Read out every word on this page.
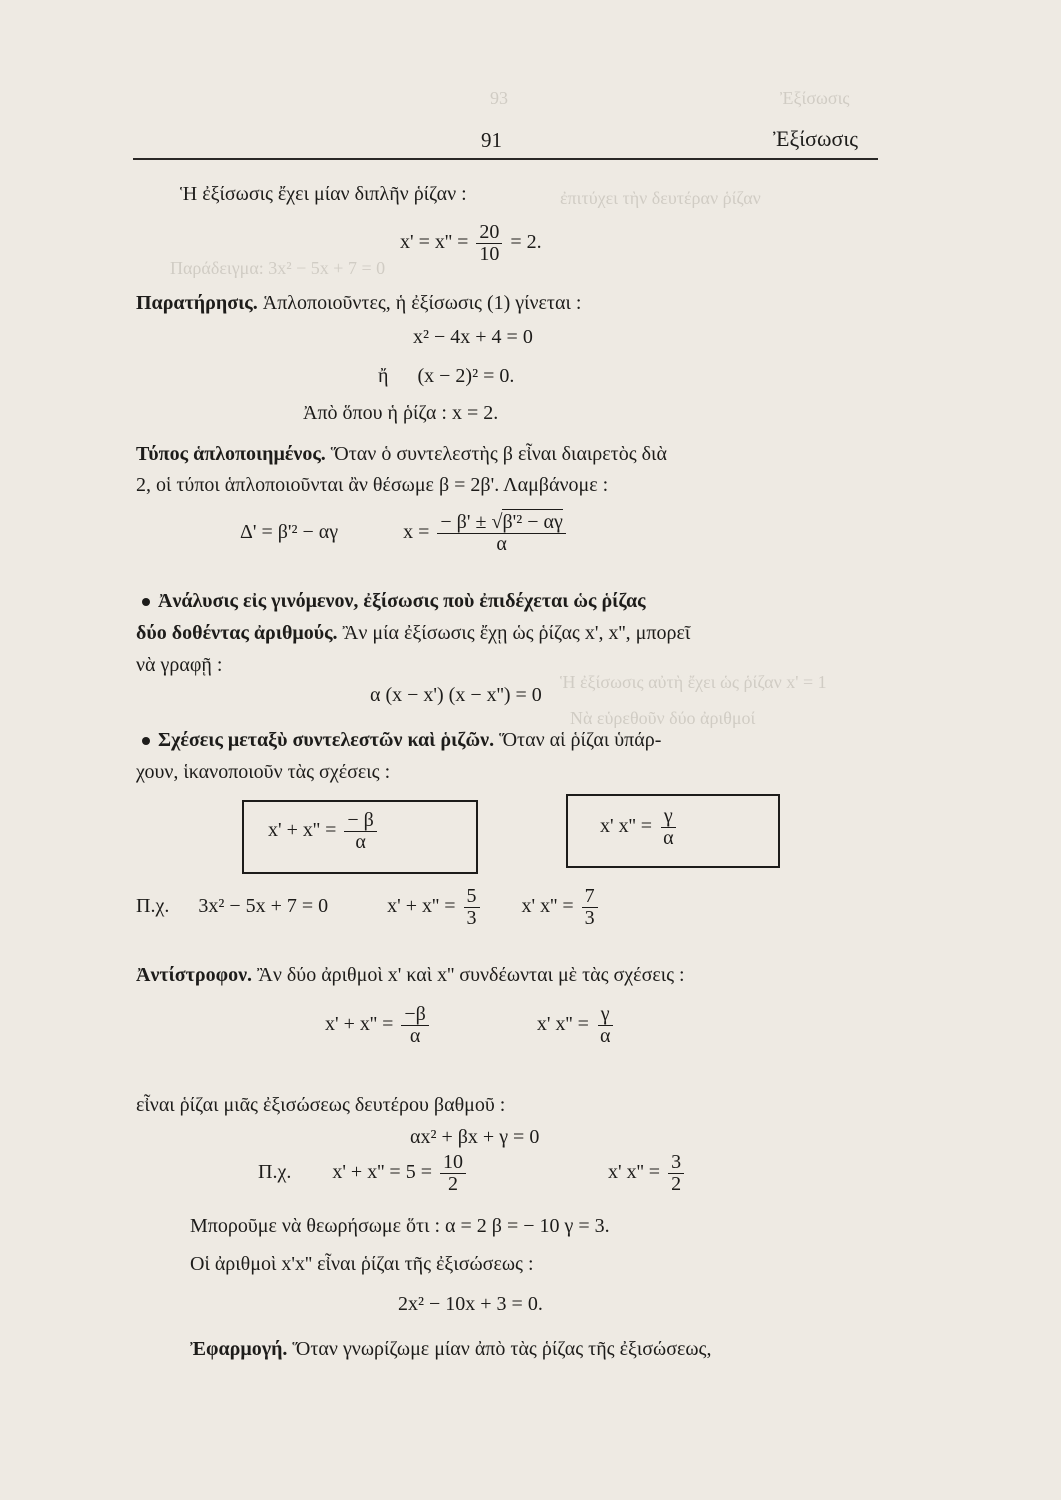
93	Ἐξίσωσις
ἐπιτύχει τὴν δευτέραν ῥίζαν
Παράδειγμα: 3x² − 5x + 7 = 0
Ἡ ἐξίσωσις αὐτὴ ἔχει ὡς ῥίζαν x' = 1
Νὰ εὑρεθοῦν δύο ἀριθμοί
91	Ἐξίσωσις
Ἡ ἐξίσωσις ἔχει μίαν διπλῆν ῥίζαν :
$x' = x'' = \frac{20}{10} = 2$.
Παρατήρησις. Ἁπλοποιοῦντες, ἡ ἐξίσωσις (1) γίνεται :
x² − 4x + 4 = 0
ἤ (x − 2)² = 0.
Ἀπὸ ὅπου ἡ ῥίζα : x = 2.
Τύπος ἁπλοποιημένος. Ὅταν ὁ συντελεστὴς β εἶναι διαιρετὸς διὰ
2, οἱ τύποι ἁπλοποιοῦνται ἂν θέσωμε β = 2β'. Λαμβάνομε :
Δ' = β'² − αγ	$x = \frac{\text{− β' ± √β'² − αγ}}{\alpha}$
Ἀνάλυσις εἰς γινόμενον, ἐξίσωσις ποὺ ἐπιδέχεται ὡς ῥίζας
δύο δοθέντας ἀριθμούς. Ἂν μία ἐξίσωσις ἔχῃ ὡς ῥίζας x', x'', μπορεῖ
νὰ γραφῇ :
α (x − x') (x − x'') = 0
Σχέσεις μεταξὺ συντελεστῶν καὶ ῥιζῶν. Ὅταν αἱ ῥίζαι ὑπάρ-
χουν, ἱκανοποιοῦν τὰς σχέσεις :
$x' + x'' = \frac{- \beta}{\alpha}$	x' $x'' = \frac{\gamma}{\alpha}$
Π.χ. 3x² − 5x + 7 = 0	$x' + x'' = \frac{5}{3} x'$ $x'' = \frac{7}{3}$
Ἀντίστροφον. Ἂν δύο ἀριθμοὶ x' καὶ x'' συνδέωνται μὲ τὰς σχέσεις :
$x' + x'' = \frac{-\beta}{\alpha}$	x' $x'' = \frac{\gamma}{\alpha}$
εἶναι ῥίζαι μιᾶς ἐξισώσεως δευτέρου βαθμοῦ :
αx² + βx + γ = 0
Π.χ. $x' + x'' = 5 = \frac{10}{2}$	x' $x'' = \frac{3}{2}$
Μποροῦμε νὰ θεωρήσωμε ὅτι : α = 2 β = − 10 γ = 3.
Οἱ ἀριθμοὶ x'x'' εἶναι ῥίζαι τῆς ἐξισώσεως :
2x² − 10x + 3 = 0.
Ἐφαρμογή. Ὅταν γνωρίζωμε μίαν ἀπὸ τὰς ῥίζας τῆς ἐξισώσεως,
